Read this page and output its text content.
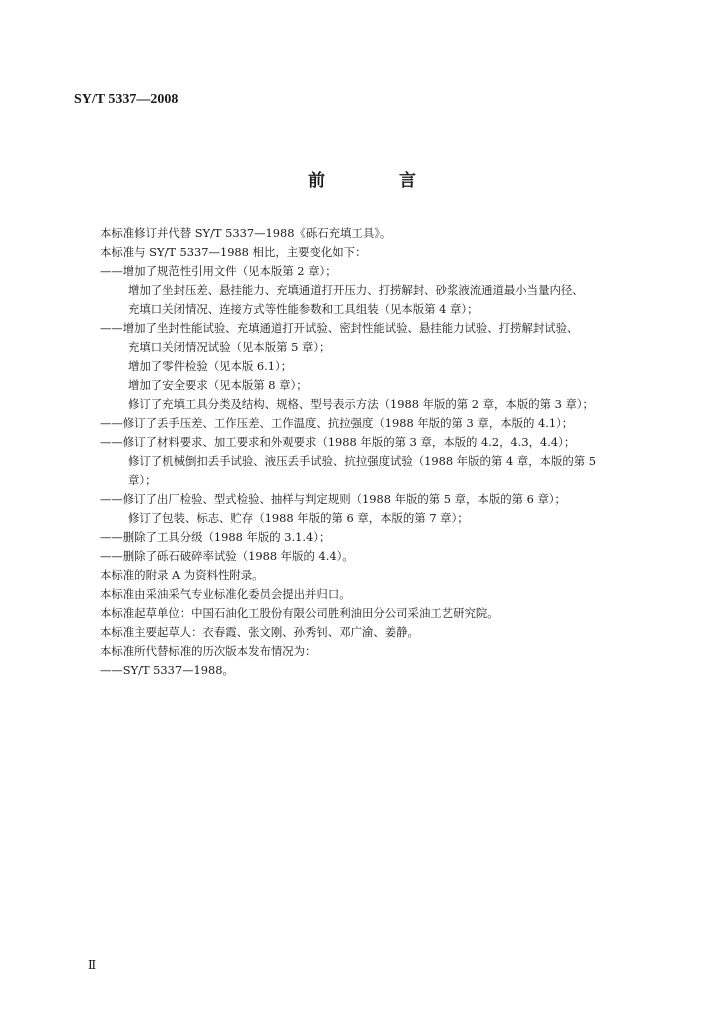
SY/T 5337—2008
前 言
本标准修订并代替 SY/T 5337—1988《砾石充填工具》。
本标准与 SY/T 5337—1988 相比，主要变化如下：
——增加了规范性引用文件（见本版第 2 章）；
增加了坐封压差、悬挂能力、充填通道打开压力、打捞解封、砂浆液流通道最小当量内径、
充填口关闭情况、连接方式等性能参数和工具组装（见本版第 4 章）；
——增加了坐封性能试验、充填通道打开试验、密封性能试验、悬挂能力试验、打捞解封试验、
充填口关闭情况试验（见本版第 5 章）；
增加了零件检验（见本版 6.1）；
增加了安全要求（见本版第 8 章）；
修订了充填工具分类及结构、规格、型号表示方法（1988 年版的第 2 章，本版的第 3 章）；
——修订了丢手压差、工作压差、工作温度、抗拉强度（1988 年版的第 3 章，本版的 4.1）；
——修订了材料要求、加工要求和外观要求（1988 年版的第 3 章，本版的 4.2，4.3，4.4）；
修订了机械倒扣丢手试验、液压丢手试验、抗拉强度试验（1988 年版的第 4 章，本版的第 5
章）；
——修订了出厂检验、型式检验、抽样与判定规则（1988 年版的第 5 章，本版的第 6 章）；
修订了包装、标志、贮存（1988 年版的第 6 章，本版的第 7 章）；
——删除了工具分级（1988 年版的 3.1.4）；
——删除了砾石破碎率试验（1988 年版的 4.4）。
本标准的附录 A 为资料性附录。
本标准由采油采气专业标准化委员会提出并归口。
本标准起草单位：中国石油化工股份有限公司胜利油田分公司采油工艺研究院。
本标准主要起草人：衣春霞、张文刚、孙秀钊、邓广渝、姜静。
本标准所代替标准的历次版本发布情况为：
——SY/T 5337—1988。
Ⅱ
